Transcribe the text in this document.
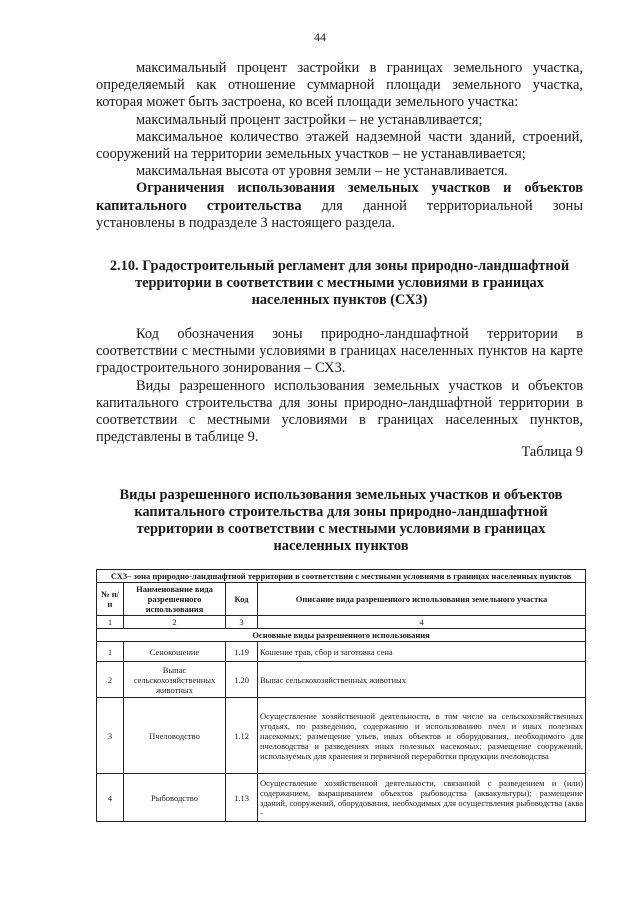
44

максимальный процент застройки в границах земельного участка, определяемый как отношение суммарной площади земельного участка, которая может быть застроена, ко всей площади земельного участка:

максимальный процент застройки – не устанавливается;

максимальное количество этажей надземной части зданий, строений, сооружений на территории земельных участков – не устанавливается;

максимальная высота от уровня земли – не устанавливается.

Ограничения использования земельных участков и объектов капитального строительства для данной территориальной зоны установлены в подразделе 3 настоящего раздела.

2.10. Градостроительный регламент для зоны природно-ландшафтной территории в соответствии с местными условиями в границах населенных пунктов (СХ3)

Код обозначения зоны природно-ландшафтной территории в соответствии с местными условиями в границах населенных пунктов на карте градостроительного зонирования – СХ3.

Виды разрешенного использования земельных участков и объектов капитального строительства для зоны природно-ландшафтной территории в соответствии с местными условиями в границах населенных пунктов, представлены в таблице 9.

Таблица 9
Виды разрешенного использования земельных участков и объектов капитального строительства для зоны природно-ландшафтной территории в соответствии с местными условиями в границах населенных пунктов
СХ3– зона природно-ландшафтной территории в соответствии с местными условиями в границах населенных пунктов			
№ п/п	Наименование вида разрешенного использования	Код	Описание вида разрешенного использования земельного участка
1	2	3	4
Основные виды разрешенного использования			
1	Сенокошение	1.19	Кошение трав, сбор и заготовка сена
2	Выпас сельскохозяйственных животных	1.20	Выпас сельскохозяйственных животных
3	Пчеловодство	1.12	Осуществление хозяйственной деятельности, в том числе на сельскохозяйственных угодьях, по разведению, содержанию и использованию пчел и иных полезных насекомых; размещение ульев, иных объектов и оборудования, необходимого для пчеловодства и разведениях иных полезных насекомых; размещение сооружений, используемых для хранения и первичной переработки продукции пчеловодства
4	Рыбоводство	1.13	Осуществление хозяйственной деятельности, связанной с разведением и (или) содержанием, выращиванием объектов рыбоводства (аквакультуры); размещение зданий, сооружений, оборудования, необходимых для осуществления рыбоводства (аква -
